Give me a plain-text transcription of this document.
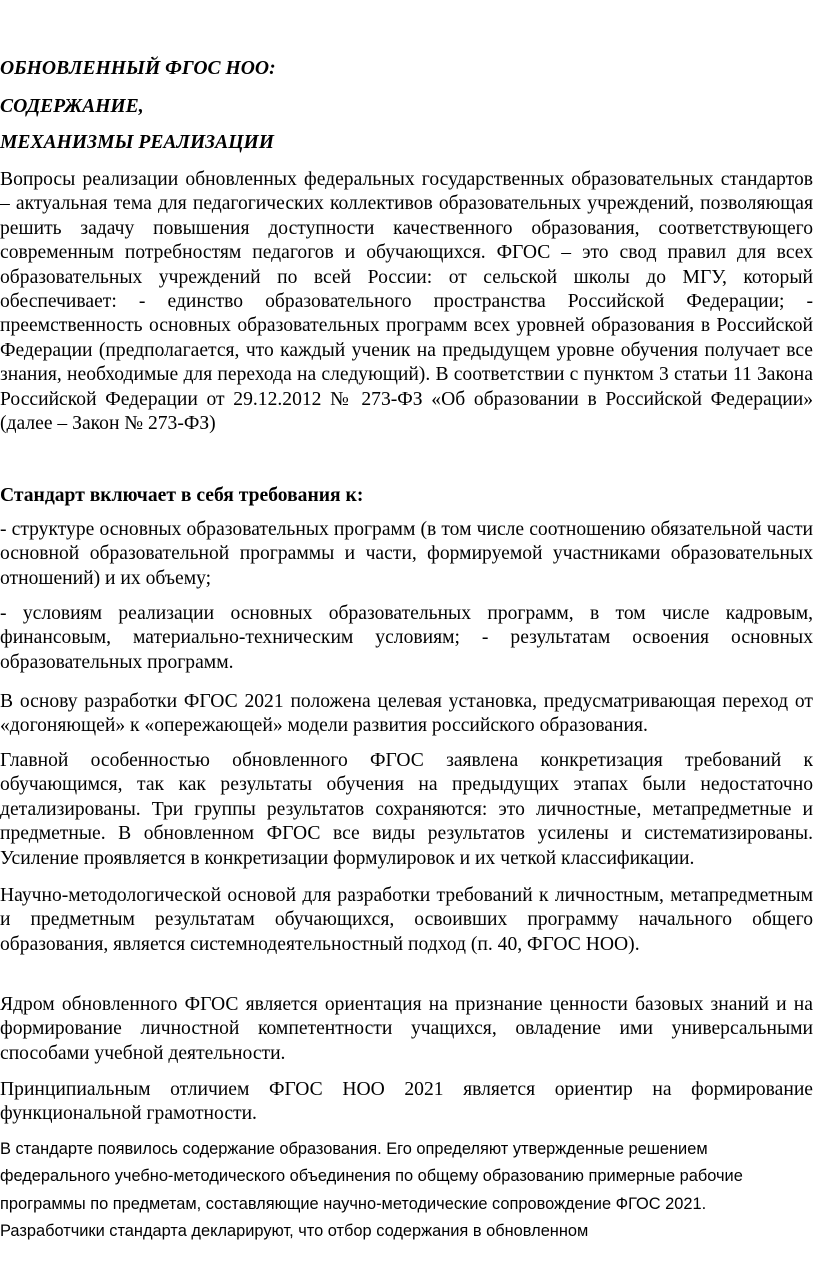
ОБНОВЛЕННЫЙ ФГОС НОО:

СОДЕРЖАНИЕ,

МЕХАНИЗМЫ РЕАЛИЗАЦИИ

Вопросы реализации обновленных федеральных государственных образовательных стандартов – актуальная тема для педагогических коллективов образовательных учреждений, позволяющая решить задачу повышения доступности качественного образования, соответствующего современным потребностям педагогов и обучающихся. ФГОС – это свод правил для всех образовательных учреждений по всей России: от сельской школы до МГУ, который обеспечивает: - единство образовательного пространства Российской Федерации; - преемственность основных образовательных программ всех уровней образования в Российской Федерации (предполагается, что каждый ученик на предыдущем уровне обучения получает все знания, необходимые для перехода на следующий). В соответствии с пунктом 3 статьи 11 Закона Российской Федерации от 29.12.2012 № 273-ФЗ «Об образовании в Российской Федерации» (далее – Закон № 273-ФЗ)

Стандарт включает в себя требования к:

- структуре основных образовательных программ (в том числе соотношению обязательной части основной образовательной программы и части, формируемой участниками образовательных отношений) и их объему;

- условиям реализации основных образовательных программ, в том числе кадровым, финансовым, материально-техническим условиям; - результатам освоения основных образовательных программ.

В основу разработки ФГОС 2021 положена целевая установка, предусматривающая переход от «догоняющей» к «опережающей» модели развития российского образования.

Главной особенностью обновленного ФГОС заявлена конкретизация требований к обучающимся, так как результаты обучения на предыдущих этапах были недостаточно детализированы. Три группы результатов сохраняются: это личностные, метапредметные и предметные. В обновленном ФГОС все виды результатов усилены и систематизированы. Усиление проявляется в конкретизации формулировок и их четкой классификации.

Научно-методологической основой для разработки требований к личностным, метапредметным и предметным результатам обучающихся, освоивших программу начального общего образования, является системнодеятельностный подход (п. 40, ФГОС НОО).

Ядром обновленного ФГОС является ориентация на признание ценности базовых знаний и на формирование личностной компетентности учащихся, овладение ими универсальными способами учебной деятельности.

Принципиальным отличием ФГОС НОО 2021 является ориентир на формирование функциональной грамотности.

В стандарте появилось содержание образования. Его определяют утвержденные решением федерального учебно-методического объединения по общему образованию примерные рабочие программы по предметам, составляющие научно-методические сопровождение ФГОС 2021. Разработчики стандарта декларируют, что отбор содержания в обновленном
